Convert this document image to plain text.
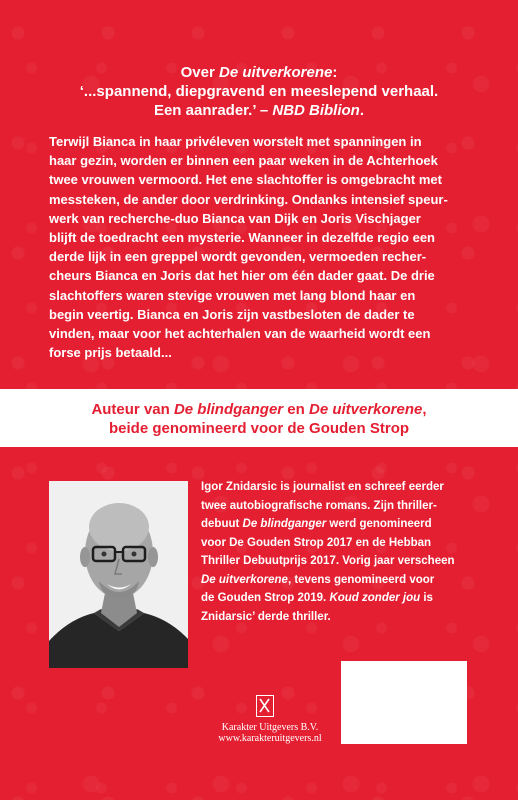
Over De uitverkorene:
‘...spannend, diepgravend en meeslepend verhaal.
Een aanrader.’ – NBD Biblion.

Terwijl Bianca in haar privéleven worstelt met spanningen in
haar gezin, worden er binnen een paar weken in de Achterhoek
twee vrouwen vermoord. Het ene slachtoffer is omgebracht met
messteken, de ander door verdrinking. Ondanks intensief speur-
werk van recherche-duo Bianca van Dijk en Joris Vischjager
blijft de toedracht een mysterie. Wanneer in dezelfde regio een
derde lijk in een greppel wordt gevonden, vermoeden recher-
cheurs Bianca en Joris dat het hier om één dader gaat. De drie
slachtoffers waren stevige vrouwen met lang blond haar en
begin veertig. Bianca en Joris zijn vastbesloten de dader te
vinden, maar voor het achterhalen van de waarheid wordt een
forse prijs betaald...

Auteur van De blindganger en De uitverkorene,
beide genomineerd voor de Gouden Strop

Igor Znidarsic is journalist en schreef eerder
twee autobiografische romans. Zijn thriller-
debuut De blindganger werd genomineerd
voor De Gouden Strop 2017 en de Hebban
Thriller Debuutprijs 2017. Vorig jaar verscheen
De uitverkorene, tevens genomineerd voor
de Gouden Strop 2019. Koud zonder jou is
Znidarsic’ derde thriller.

Karakter Uitgevers B.V.
www.karakteruitgevers.nl
